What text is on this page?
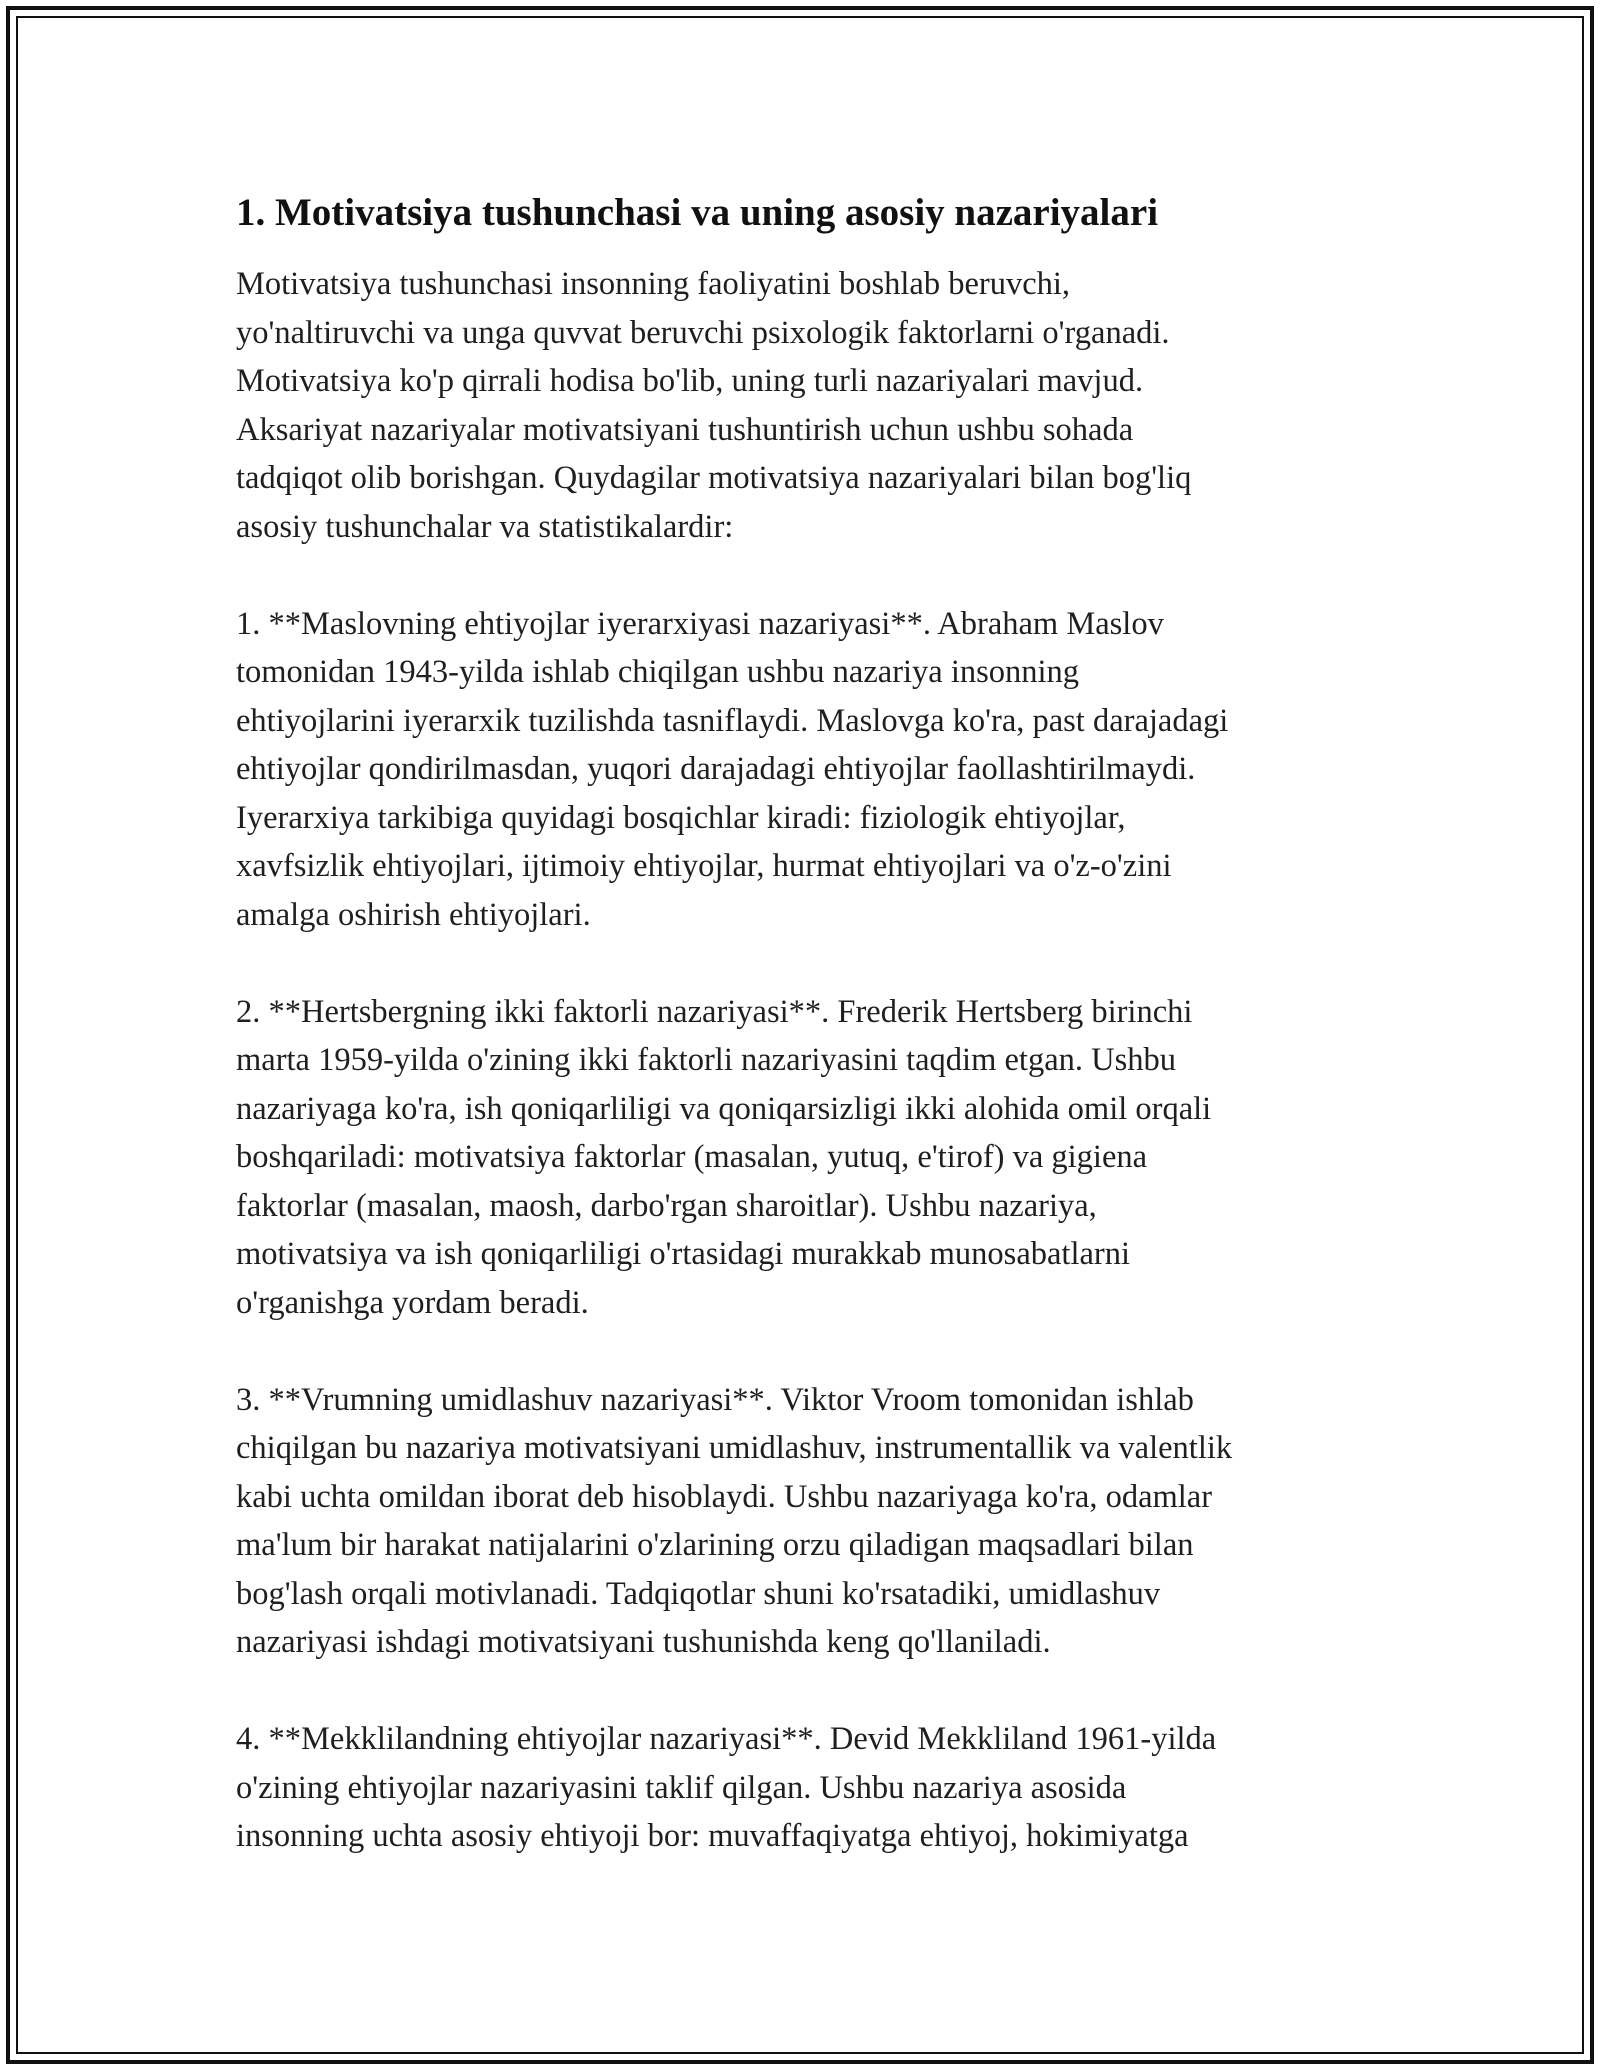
1. Motivatsiya tushunchasi va uning asosiy nazariyalari
Motivatsiya tushunchasi insonning faoliyatini boshlab beruvchi,
yo'naltiruvchi va unga quvvat beruvchi psixologik faktorlarni o'rganadi.
Motivatsiya ko'p qirrali hodisa bo'lib, uning turli nazariyalari mavjud.
Aksariyat nazariyalar motivatsiyani tushuntirish uchun ushbu sohada
tadqiqot olib borishgan. Quydagilar motivatsiya nazariyalari bilan bog'liq
asosiy tushunchalar va statistikalardir:
1. **Maslovning ehtiyojlar iyerarxiyasi nazariyasi**. Abraham Maslov
tomonidan 1943-yilda ishlab chiqilgan ushbu nazariya insonning
ehtiyojlarini iyerarxik tuzilishda tasniflaydi. Maslovga ko'ra, past darajadagi
ehtiyojlar qondirilmasdan, yuqori darajadagi ehtiyojlar faollashtirilmaydi.
Iyerarxiya tarkibiga quyidagi bosqichlar kiradi: fiziologik ehtiyojlar,
xavfsizlik ehtiyojlari, ijtimoiy ehtiyojlar, hurmat ehtiyojlari va o'z-o'zini
amalga oshirish ehtiyojlari.
2. **Hertsbergning ikki faktorli nazariyasi**. Frederik Hertsberg birinchi
marta 1959-yilda o'zining ikki faktorli nazariyasini taqdim etgan. Ushbu
nazariyaga ko'ra, ish qoniqarliligi va qoniqarsizligi ikki alohida omil orqali
boshqariladi: motivatsiya faktorlar (masalan, yutuq, e'tirof) va gigiena
faktorlar (masalan, maosh, darbo'rgan sharoitlar). Ushbu nazariya,
motivatsiya va ish qoniqarliligi o'rtasidagi murakkab munosabatlarni
o'rganishga yordam beradi.
3. **Vrumning umidlashuv nazariyasi**. Viktor Vroom tomonidan ishlab
chiqilgan bu nazariya motivatsiyani umidlashuv, instrumentallik va valentlik
kabi uchta omildan iborat deb hisoblaydi. Ushbu nazariyaga ko'ra, odamlar
ma'lum bir harakat natijalarini o'zlarining orzu qiladigan maqsadlari bilan
bog'lash orqali motivlanadi. Tadqiqotlar shuni ko'rsatadiki, umidlashuv
nazariyasi ishdagi motivatsiyani tushunishda keng qo'llaniladi.
4. **Mekklilandning ehtiyojlar nazariyasi**. Devid Mekkliland 1961-yilda
o'zining ehtiyojlar nazariyasini taklif qilgan. Ushbu nazariya asosida
insonning uchta asosiy ehtiyoji bor: muvaffaqiyatga ehtiyoj, hokimiyatga
